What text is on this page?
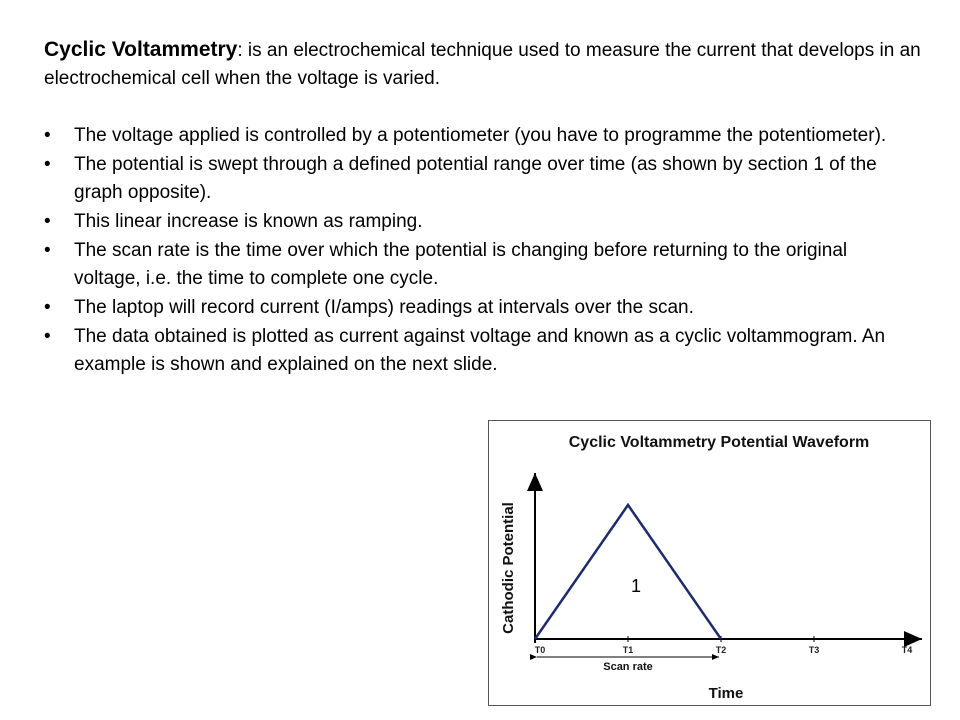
Cyclic Voltammetry: is an electrochemical technique used to measure the current that develops in an electrochemical cell when the voltage is varied.

• The voltage applied is controlled by a potentiometer (you have to programme the potentiometer).
• The potential is swept through a defined potential range over time (as shown by section 1 of the graph opposite).
• This linear increase is known as ramping.
• The scan rate is the time over which the potential is changing before returning to the original voltage, i.e. the time to complete one cycle.
• The laptop will record current (I/amps) readings at intervals over the scan.
• The data obtained is plotted as current against voltage and known as a cyclic voltammogram. An example is shown and explained on the next slide.
Cyclic Voltammetry Potential Waveform
Cathodic Potential
Time
T0	T1	T2	T3	T4
1
Scan rate
